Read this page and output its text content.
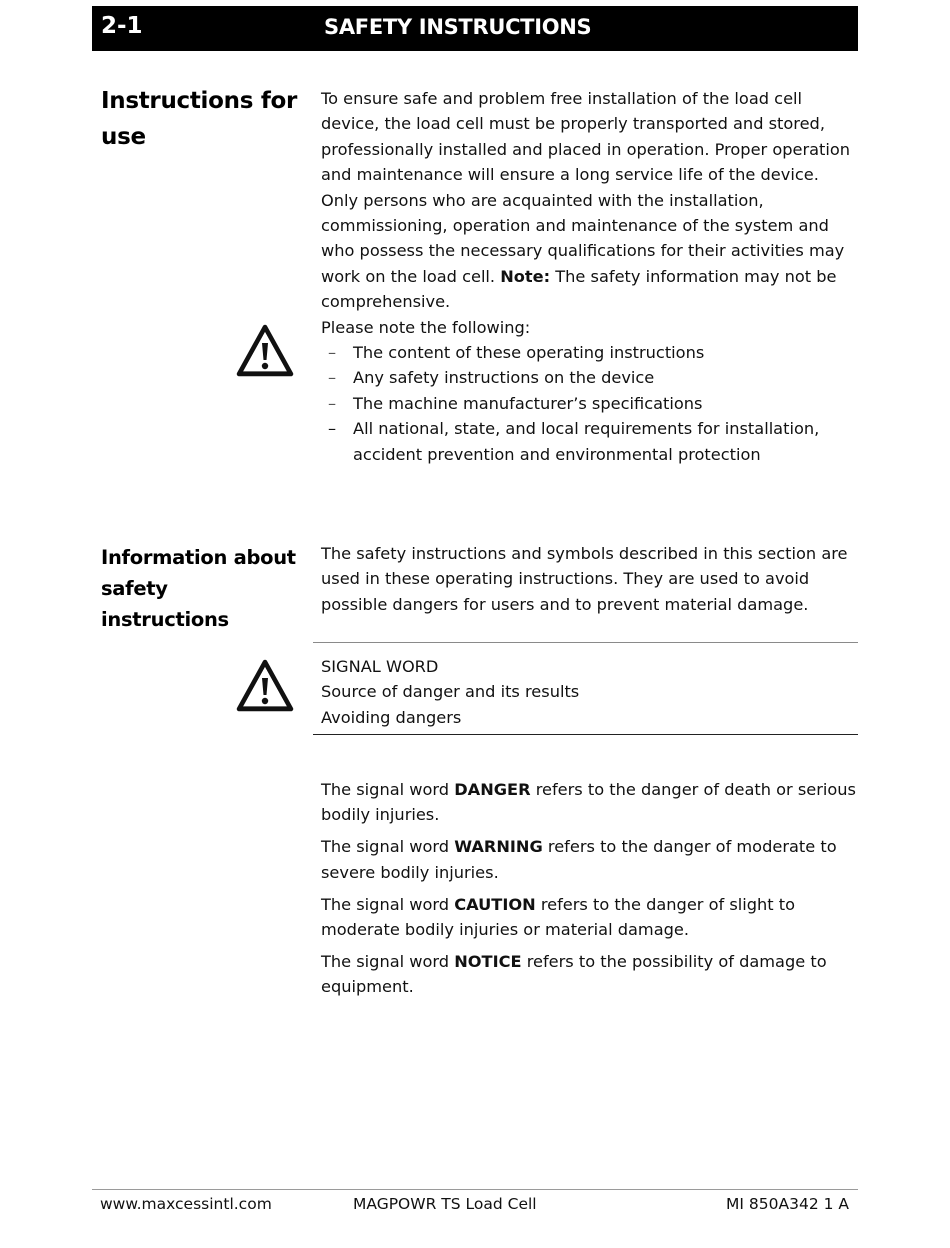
2-1	SAFETY INSTRUCTIONS
Instructions for use
To ensure safe and problem free installation of the load cell device, the load cell must be properly transported and stored, professionally installed and placed in operation. Proper operation and maintenance will ensure a long service life of the device. Only persons who are acquainted with the installation, commissioning, operation and maintenance of the system and who possess the necessary qualifications for their activities may work on the load cell. Note: The safety information may not be comprehensive.
Please note the following:
– The content of these operating instructions
– Any safety instructions on the device
– The machine manufacturer’s specifications
– All national, state, and local requirements for installation, accident prevention and environmental protection
Information about safety instructions
The safety instructions and symbols described in this section are used in these operating instructions. They are used to avoid possible dangers for users and to prevent material damage.
SIGNAL WORD
Source of danger and its results
Avoiding dangers

The signal word DANGER refers to the danger of death or serious bodily injuries.

The signal word WARNING refers to the danger of moderate to severe bodily injuries.

The signal word CAUTION refers to the danger of slight to moderate bodily injuries or material damage.

The signal word NOTICE refers to the possibility of damage to equipment.

www.maxcessintl.com	MAGPOWR TS Load Cell	MI 850A342 1 A
